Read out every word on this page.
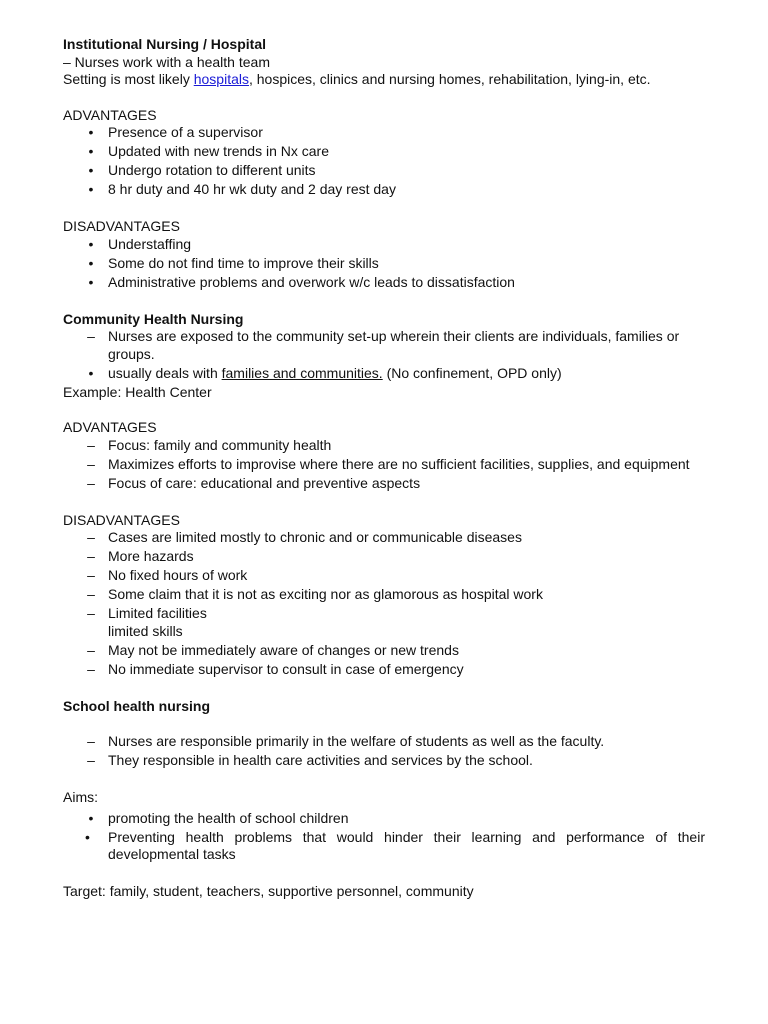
Institutional Nursing / Hospital
– Nurses work with a health team
Setting is most likely hospitals, hospices, clinics and nursing homes, rehabilitation, lying-in, etc.
ADVANTAGES
• Presence of a supervisor
• Updated with new trends in Nx care
• Undergo rotation to different units
• 8 hr duty and 40 hr wk duty and 2 day rest day
DISADVANTAGES
• Understaffing
• Some do not find time to improve their skills
• Administrative problems and overwork w/c leads to dissatisfaction
Community Health Nursing
– Nurses are exposed to the community set-up wherein their clients are individuals, families or groups.
• usually deals with families and communities. (No confinement, OPD only)
Example: Health Center
ADVANTAGES
– Focus: family and community health
– Maximizes efforts to improvise where there are no sufficient facilities, supplies, and equipment
– Focus of care: educational and preventive aspects
DISADVANTAGES
– Cases are limited mostly to chronic and or communicable diseases
– More hazards
– No fixed hours of work
– Some claim that it is not as exciting nor as glamorous as hospital work
– Limited facilities
limited skills
– May not be immediately aware of changes or new trends
– No immediate supervisor to consult in case of emergency
School health nursing
– Nurses are responsible primarily in the welfare of students as well as the faculty.
– They responsible in health care activities and services by the school.
Aims:
• promoting the health of school children
•	Preventing health problems that would hinder their learning and performance of their developmental tasks
Target: family, student, teachers, supportive personnel, community
